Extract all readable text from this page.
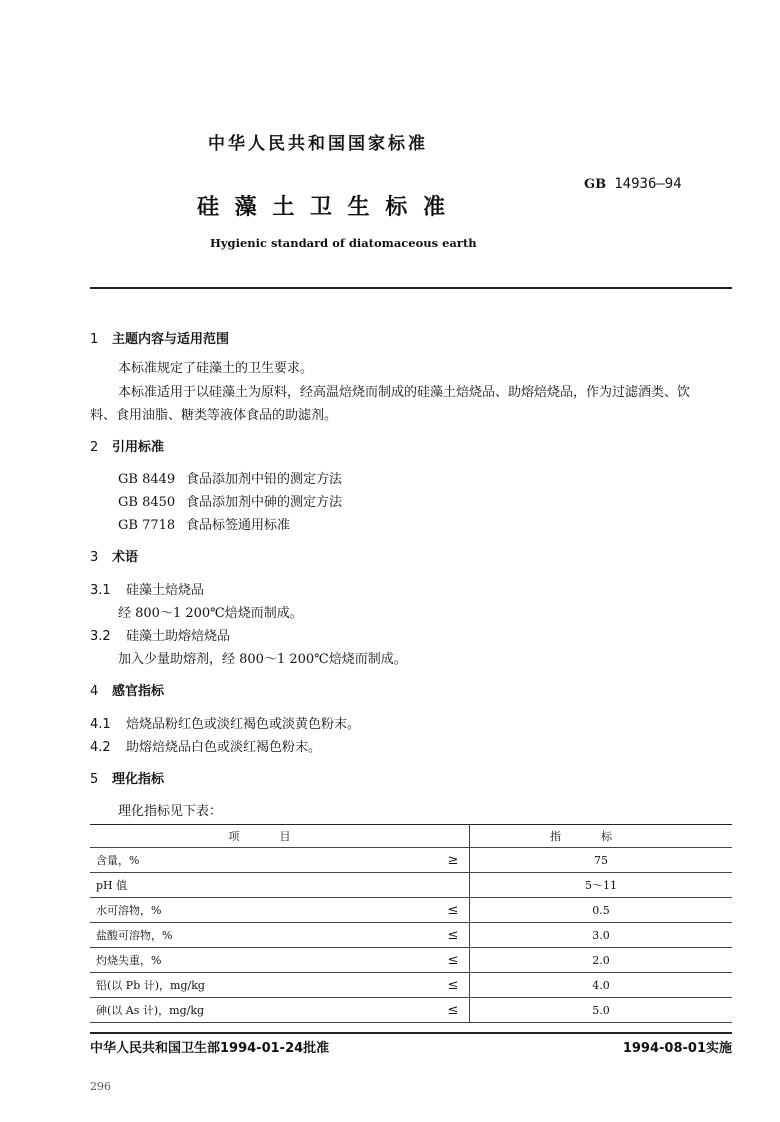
中华人民共和国国家标准
GB 14936—94
硅 藻 土 卫 生 标 准
Hygienic standard of diatomaceous earth
1 主题内容与适用范围
本标准规定了硅藻土的卫生要求。
本标准适用于以硅藻土为原料，经高温焙烧而制成的硅藻土焙烧品、助熔焙烧品，作为过滤酒类、饮
料、食用油脂、糖类等液体食品的助滤剂。
2 引用标准
GB 8449 食品添加剂中铅的测定方法
GB 8450 食品添加剂中砷的测定方法
GB 7718 食品标签通用标准
3 术语
3.1 硅藻土焙烧品
经 800～1 200℃焙烧而制成。
3.2 硅藻土助熔焙烧品
加入少量助熔剂，经 800～1 200℃焙烧而制成。
4 感官指标
4.1 焙烧品粉红色或淡红褐色或淡黄色粉末。
4.2 助熔焙烧品白色或淡红褐色粉末。
5 理化指标
理化指标见下表：
项目		指标
含量，%	≥	75
pH 值		5～11
水可溶物，%	≤	0.5
盐酸可溶物，%	≤	3.0
灼烧失重，%	≤	2.0
铅(以 Pb 计)，mg/kg	≤	4.0
砷(以 As 计)，mg/kg	≤	5.0
中华人民共和国卫生部1994-01-24批准	1994-08-01实施
296
